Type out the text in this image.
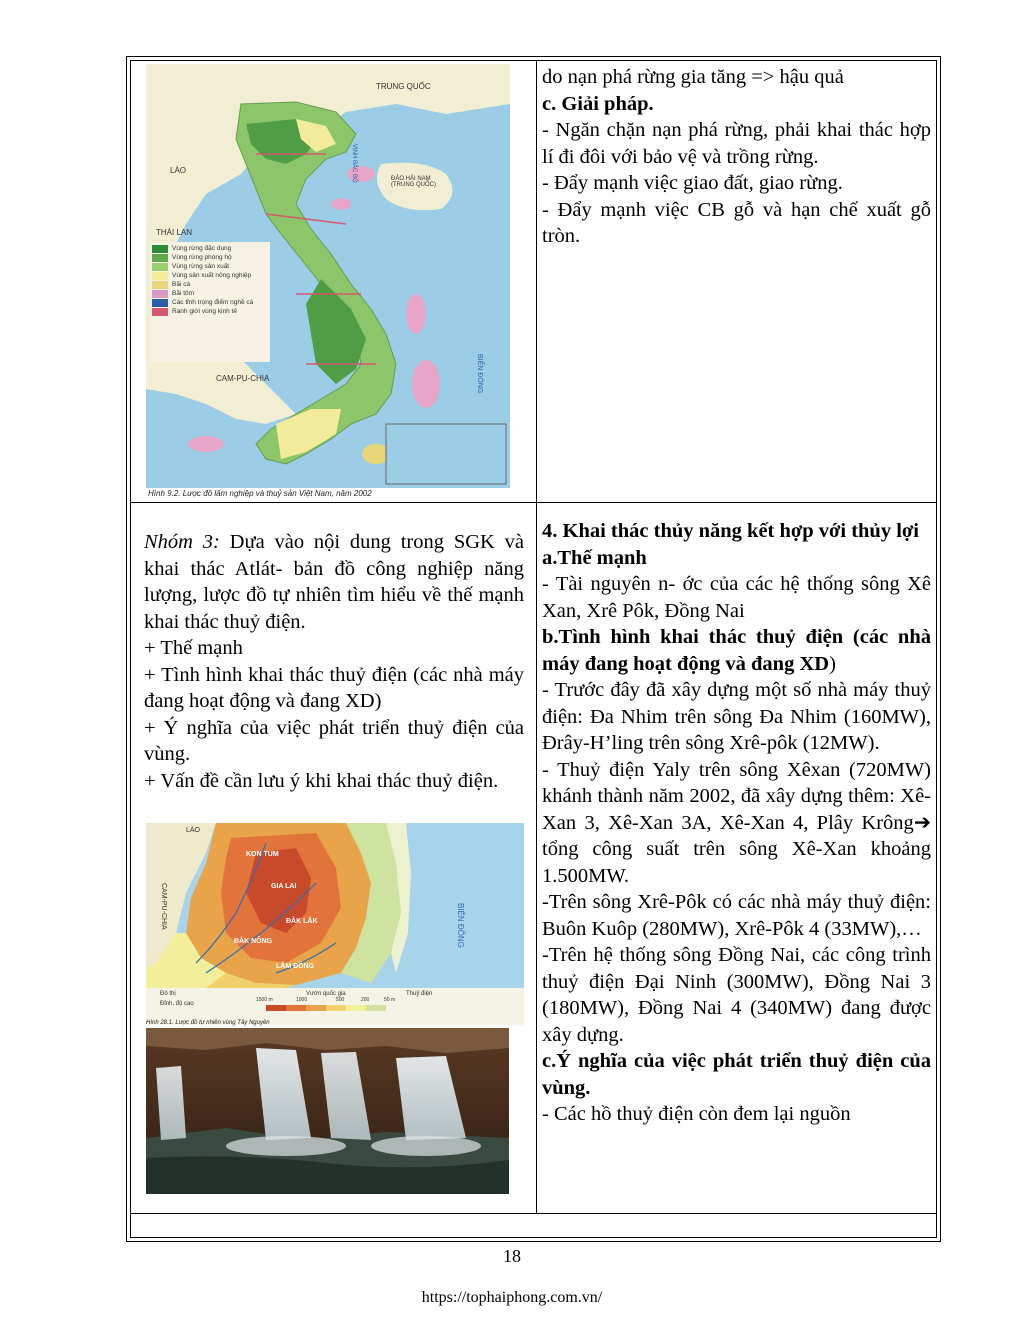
TRUNG QUỐC
LÀO
THÁI LAN
CAM-PU-CHIA
ĐẢO HẢI NAM (TRUNG QUỐC)
BIỂN ĐÔNG
VỊNH BẮC BỘ
Vùng rừng đặc dụng
Vùng rừng phòng hộ
Vùng rừng sản xuất
Vùng sản xuất nông nghiệp
Bãi cá
Bãi tôm
Các tỉnh trọng điểm nghề cá
Ranh giới vùng kinh tế
Hình 9.2. Lược đồ lâm nghiệp và thuỷ sản Việt Nam, năm 2002

do nạn phá rừng gia tăng => hậu quả

c. Giải pháp.

- Ngăn chặn nạn phá rừng, phải khai thác hợp lí đi đôi với bảo vệ và trồng rừng.

- Đẩy mạnh việc giao đất, giao rừng.

- Đẩy mạnh việc CB gỗ và hạn chế xuất gỗ tròn.

Nhóm 3: Dựa vào nội dung trong SGK và khai thác Atlát- bản đồ công nghiệp năng lượng, lược đồ tự nhiên tìm hiểu về thế mạnh khai thác thuỷ điện.

+ Thế mạnh

+ Tình hình khai thác thuỷ điện (các nhà máy đang hoạt động và đang XD)

+ Ý nghĩa của việc phát triển thuỷ điện của vùng.

+ Vấn đề cần lưu ý khi khai thác thuỷ điện.

LÀO
CAM-PU-CHIA
KON TUM
GIA LAI
ĐẮK LẮK
ĐẮK NÔNG
LÂM ĐỒNG
BIỂN ĐÔNG
Đô thị
Đỉnh, độ cao
Vườn quốc gia	Thuỷ điện
1500 m	1000	500	200	50 m
Hình 28.1. Lược đồ tự nhiên vùng Tây Nguyên

4. Khai thác thủy năng kết hợp với thủy lợi

a.Thế mạnh

- Tài nguyên n- ớc của các hệ thống sông Xê Xan, Xrê Pôk, Đồng Nai

b.Tình hình khai thác thuỷ điện (các nhà máy đang hoạt động và đang XD)

- Trước đây đã xây dựng một số nhà máy thuỷ điện: Đa Nhim trên sông Đa Nhim (160MW), Đrây-H’ling trên sông Xrê-pôk (12MW).

- Thuỷ điện Yaly trên sông Xêxan (720MW) khánh thành năm 2002, đã xây dựng thêm: Xê-Xan 3, Xê-Xan 3A, Xê-Xan 4, Plây Krông➔ tổng công suất trên sông Xê-Xan khoảng 1.500MW.

-Trên sông Xrê-Pôk có các nhà máy thuỷ điện: Buôn Kuôp (280MW), Xrê-Pôk 4 (33MW),…

-Trên hệ thống sông Đồng Nai, các công trình thuỷ điện Đại Ninh (300MW), Đồng Nai 3 (180MW), Đồng Nai 4 (340MW) đang được xây dựng.

c.Ý nghĩa của việc phát triển thuỷ điện của vùng.

- Các hồ thuỷ điện còn đem lại nguồn

18
https://tophaiphong.com.vn/
